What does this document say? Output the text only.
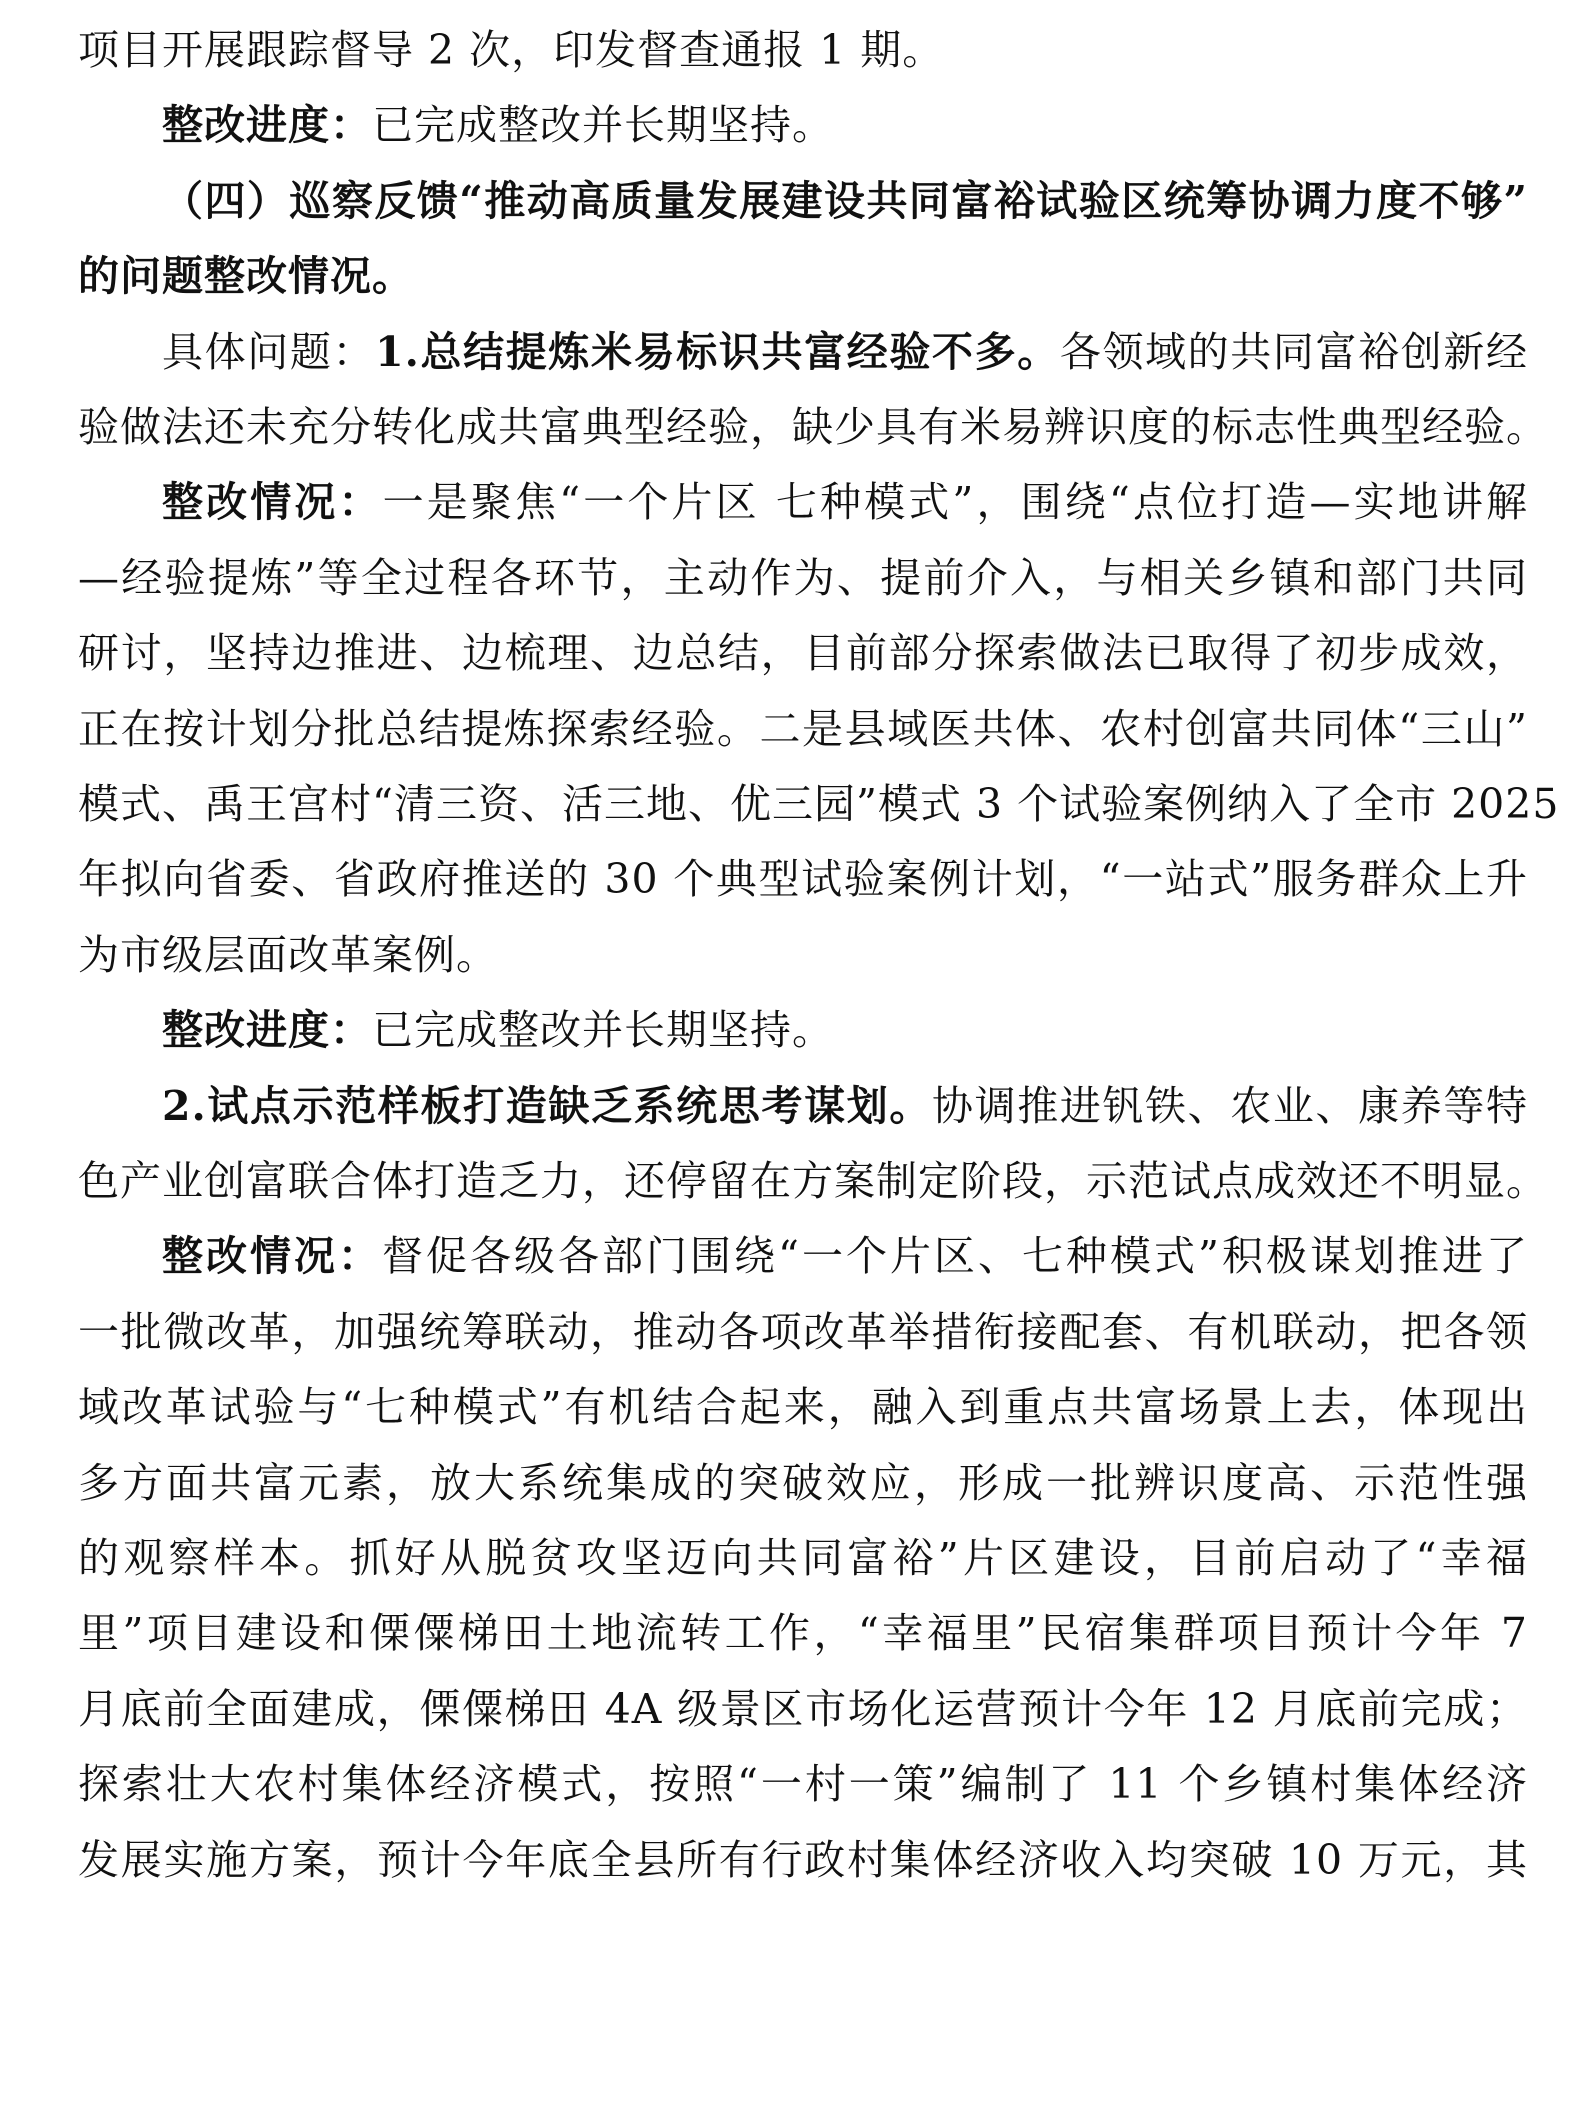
项目开展跟踪督导 2 次，印发督查通报 1 期。
整改进度：已完成整改并长期坚持。
（四）巡察反馈“推动高质量发展建设共同富裕试验区统筹协调力度不够”
的问题整改情况。
具体问题：1.总结提炼米易标识共富经验不多。各领域的共同富裕创新经
验做法还未充分转化成共富典型经验，缺少具有米易辨识度的标志性典型经验。
整改情况：一是聚焦“一个片区 七种模式”，围绕“点位打造—实地讲解
—经验提炼”等全过程各环节，主动作为、提前介入，与相关乡镇和部门共同
研讨，坚持边推进、边梳理、边总结，目前部分探索做法已取得了初步成效，
正在按计划分批总结提炼探索经验。二是县域医共体、农村创富共同体“三山”
模式、禹王宫村“清三资、活三地、优三园”模式 3 个试验案例纳入了全市 2025
年拟向省委、省政府推送的 30 个典型试验案例计划，“一站式”服务群众上升
为市级层面改革案例。
整改进度：已完成整改并长期坚持。
2.试点示范样板打造缺乏系统思考谋划。协调推进钒铁、农业、康养等特
色产业创富联合体打造乏力，还停留在方案制定阶段，示范试点成效还不明显。
整改情况：督促各级各部门围绕“一个片区、七种模式”积极谋划推进了
一批微改革，加强统筹联动，推动各项改革举措衔接配套、有机联动，把各领
域改革试验与“七种模式”有机结合起来，融入到重点共富场景上去，体现出
多方面共富元素，放大系统集成的突破效应，形成一批辨识度高、示范性强
的观察样本。抓好从脱贫攻坚迈向共同富裕”片区建设，目前启动了“幸福
里”项目建设和傈僳梯田土地流转工作，“幸福里”民宿集群项目预计今年 7
月底前全面建成，傈僳梯田 4A 级景区市场化运营预计今年 12 月底前完成；
探索壮大农村集体经济模式，按照“一村一策”编制了 11 个乡镇村集体经济
发展实施方案，预计今年底全县所有行政村集体经济收入均突破 10 万元，其
